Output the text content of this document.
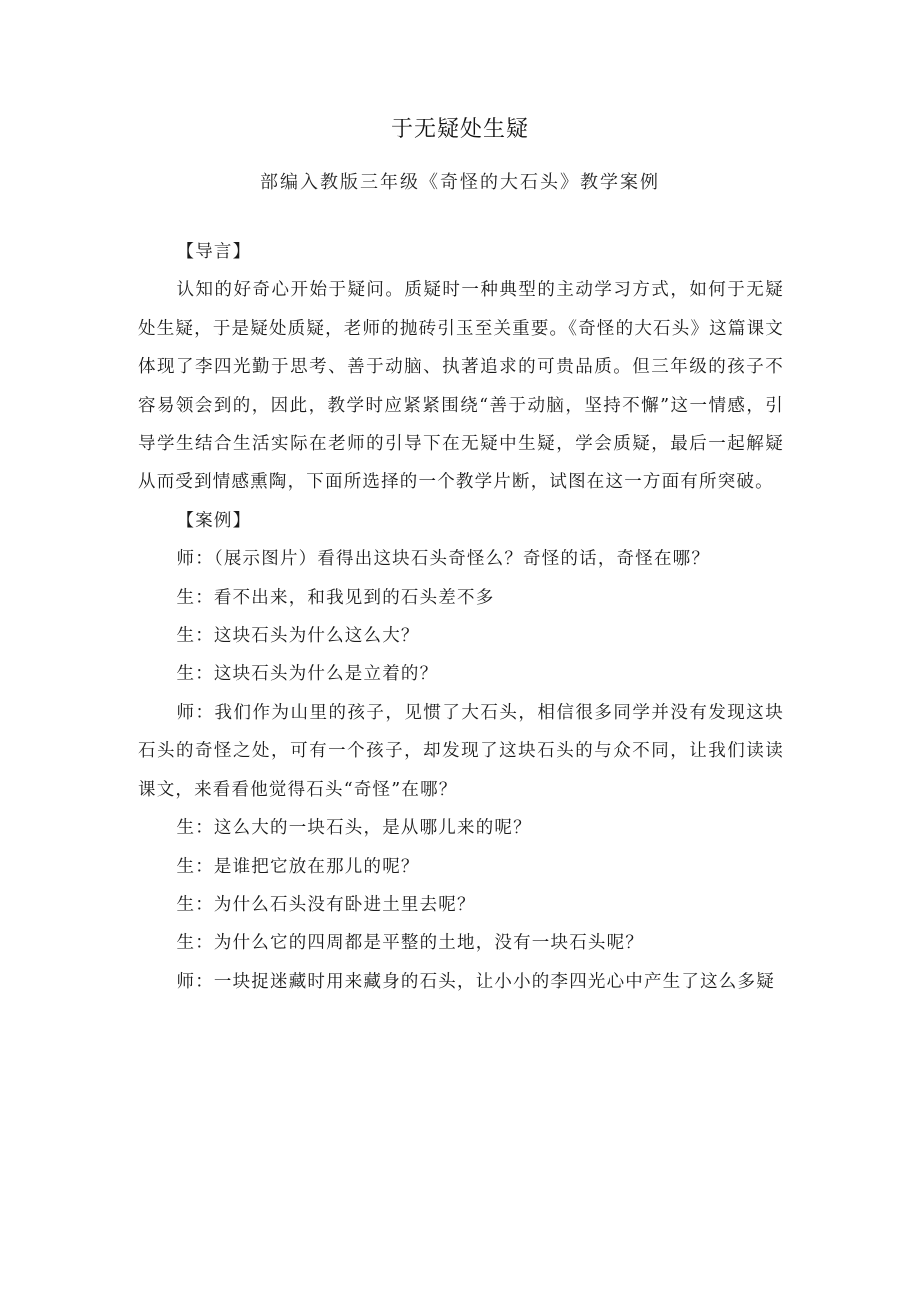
于无疑处生疑
部编入教版三年级《奇怪的大石头》教学案例

【导言】

认知的好奇心开始于疑问。质疑时一种典型的主动学习方式，如何于无疑处生疑，于是疑处质疑，老师的抛砖引玉至关重要。《奇怪的大石头》这篇课文体现了李四光勤于思考、善于动脑、执著追求的可贵品质。但三年级的孩子不容易领会到的，因此，教学时应紧紧围绕“善于动脑，坚持不懈”这一情感，引导学生结合生活实际在老师的引导下在无疑中生疑，学会质疑，最后一起解疑从而受到情感熏陶，下面所选择的一个教学片断，试图在这一方面有所突破。

【案例】

师：（展示图片）看得出这块石头奇怪么？奇怪的话，奇怪在哪？

生：看不出来，和我见到的石头差不多

生：这块石头为什么这么大？

生：这块石头为什么是立着的？

师：我们作为山里的孩子，见惯了大石头，相信很多同学并没有发现这块石头的奇怪之处，可有一个孩子，却发现了这块石头的与众不同，让我们读读课文，来看看他觉得石头“奇怪”在哪？

生：这么大的一块石头，是从哪儿来的呢？

生：是谁把它放在那儿的呢？

生：为什么石头没有卧进土里去呢？

生：为什么它的四周都是平整的土地，没有一块石头呢？

师：一块捉迷藏时用来藏身的石头，让小小的李四光心中产生了这么多疑
